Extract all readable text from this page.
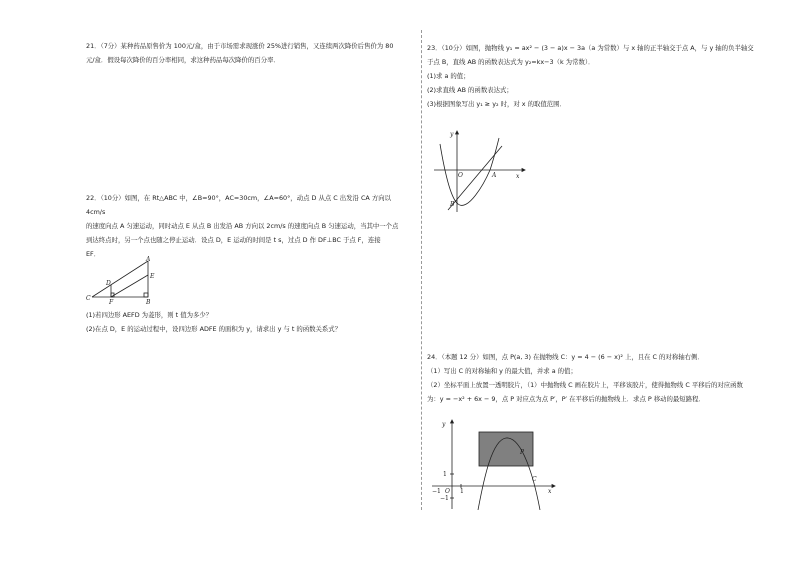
21．（7分）某种药品原售价为 100元/盒，由于市场需求现涨价 25%进行销售，又连续两次降价后售价为 80
元/盒．假设每次降价的百分率相同，求这种药品每次降价的百分率．
22．（10分）如图，在 Rt△ABC 中，∠B=90°，AC=30cm，∠A=60°，动点 D 从点 C 出发沿 CA 方向以 4cm/s
的速度向点 A 匀速运动，同时动点 E 从点 B 出发沿 AB 方向以 2cm/s 的速度向点 B 匀速运动，当其中一个点
到达终点时，另一个点也随之停止运动．设点 D，E 运动的时间是 t s，过点 D 作 DF⊥BC 于点 F，连接
EF．
A
E
D
C
F	B
(1)若四边形 AEFD 为菱形，则 t 值为多少？
(2)在点 D，E 的运动过程中，设四边形 ADFE 的面积为 y，请求出 y 与 t 的函数关系式？
23．（10分）如图，抛物线 y₁ = ax² − (3 − a)x − 3a（a 为常数）与 x 轴的正半轴交于点 A，与 y 轴的负半轴交
于点 B，直线 AB 的函数表达式为 y₂=kx−3（k 为常数）．
(1)求 a 的值；
(2)求直线 AB 的函数表达式；
(3)根据图象写出 y₁ ≥ y₂ 时，对 x 的取值范围．
y
x
O	A
B
24．（本题 12 分）如图，点 P(a, 3) 在抛物线 C：y = 4 − (6 − x)² 上，且在 C 的对称轴右侧．
（1）写出 C 的对称轴和 y 的最大值，并求 a 的值；
（2）坐标平面上放置一透明胶片，（1）中抛物线 C 画在胶片上，平移该胶片，使得抛物线 C 平移后的对应函数
为：y = −x² + 6x − 9，点 P 对应点为点 P′，P′ 在平移后的抛物线上．求点 P 移动的最短路程．
y
x
P
C
1
−1 O 1
−1
